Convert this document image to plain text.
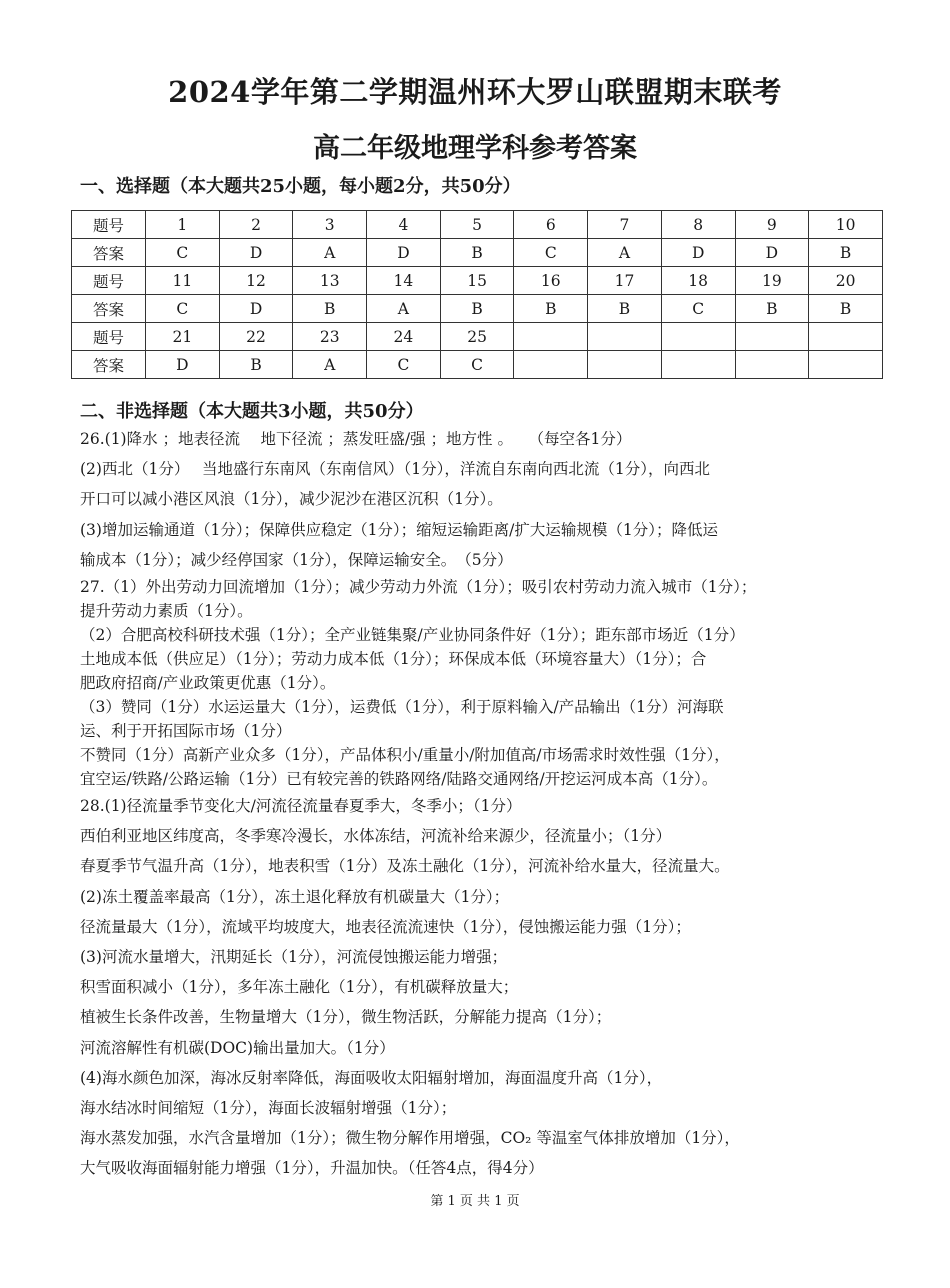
2024学年第二学期温州环大罗山联盟期末联考
高二年级地理学科参考答案

一、选择题（本大题共25小题，每小题2分，共50分）

题号	1	2	3	4	5	6	7	8	9	10
答案	C	D	A	D	B	C	A	D	D	B
题号	11	12	13	14	15	16	17	18	19	20
答案	C	D	B	A	B	B	B	C	B	B
题号	21	22	23	24	25					
答案	D	B	A	C	C					

二、非选择题（本大题共3小题，共50分）

26.(1)降水 ；地表径流　 地下径流 ；蒸发旺盛/强 ；地方性 。　　（每空各1分）

(2)西北（1分）　 当地盛行东南风（东南信风）（1分），洋流自东南向西北流（1分），向西北

开口可以减小港区风浪（1分），减少泥沙在港区沉积（1分）。

(3)增加运输通道（1分）；保障供应稳定（1分）；缩短运输距离/扩大运输规模（1分）；降低运

输成本（1分）；减少经停国家（1分），保障运输安全。　（5分）

27.（1）外出劳动力回流增加（1分）；减少劳动力外流（1分）；吸引农村劳动力流入城市（1分）；

提升劳动力素质（1分）。

（2）合肥高校科研技术强（1分）；全产业链集聚/产业协同条件好（1分）；距东部市场近（1分）

土地成本低（供应足）（1分）；劳动力成本低（1分）；环保成本低（环境容量大）（1分）；合

肥政府招商/产业政策更优惠（1分）。

（3）赞同（1分）水运运量大（1分），运费低（1分），利于原料输入/产品输出（1分）河海联

运、利于开拓国际市场（1分）

不赞同（1分）高新产业众多（1分），产品体积小/重量小/附加值高/市场需求时效性强（1分），

宜空运/铁路/公路运输（1分）已有较完善的铁路网络/陆路交通网络/开挖运河成本高（1分）。

28.(1)径流量季节变化大/河流径流量春夏季大，冬季小；（1分）

西伯利亚地区纬度高，冬季寒冷漫长，水体冻结，河流补给来源少，径流量小；（1分）

春夏季节气温升高（1分），地表积雪（1分）及冻土融化（1分），河流补给水量大，径流量大。

(2)冻土覆盖率最高（1分），冻土退化释放有机碳量大（1分）；

径流量最大（1分），流域平均坡度大，地表径流流速快（1分），侵蚀搬运能力强（1分）；

(3)河流水量增大，汛期延长（1分），河流侵蚀搬运能力增强；

积雪面积减小（1分），多年冻土融化（1分），有机碳释放量大；

植被生长条件改善，生物量增大（1分），微生物活跃，分解能力提高（1分）；

河流溶解性有机碳(DOC)输出量加大。（1分）

(4)海水颜色加深，海冰反射率降低，海面吸收太阳辐射增加，海面温度升高（1分），

海水结冰时间缩短（1分），海面长波辐射增强（1分）；

海水蒸发加强，水汽含量增加（1分）；微生物分解作用增强，CO₂ 等温室气体排放增加（1分），

大气吸收海面辐射能力增强（1分），升温加快。（任答4点，得4分）

第 1 页 共 1 页
